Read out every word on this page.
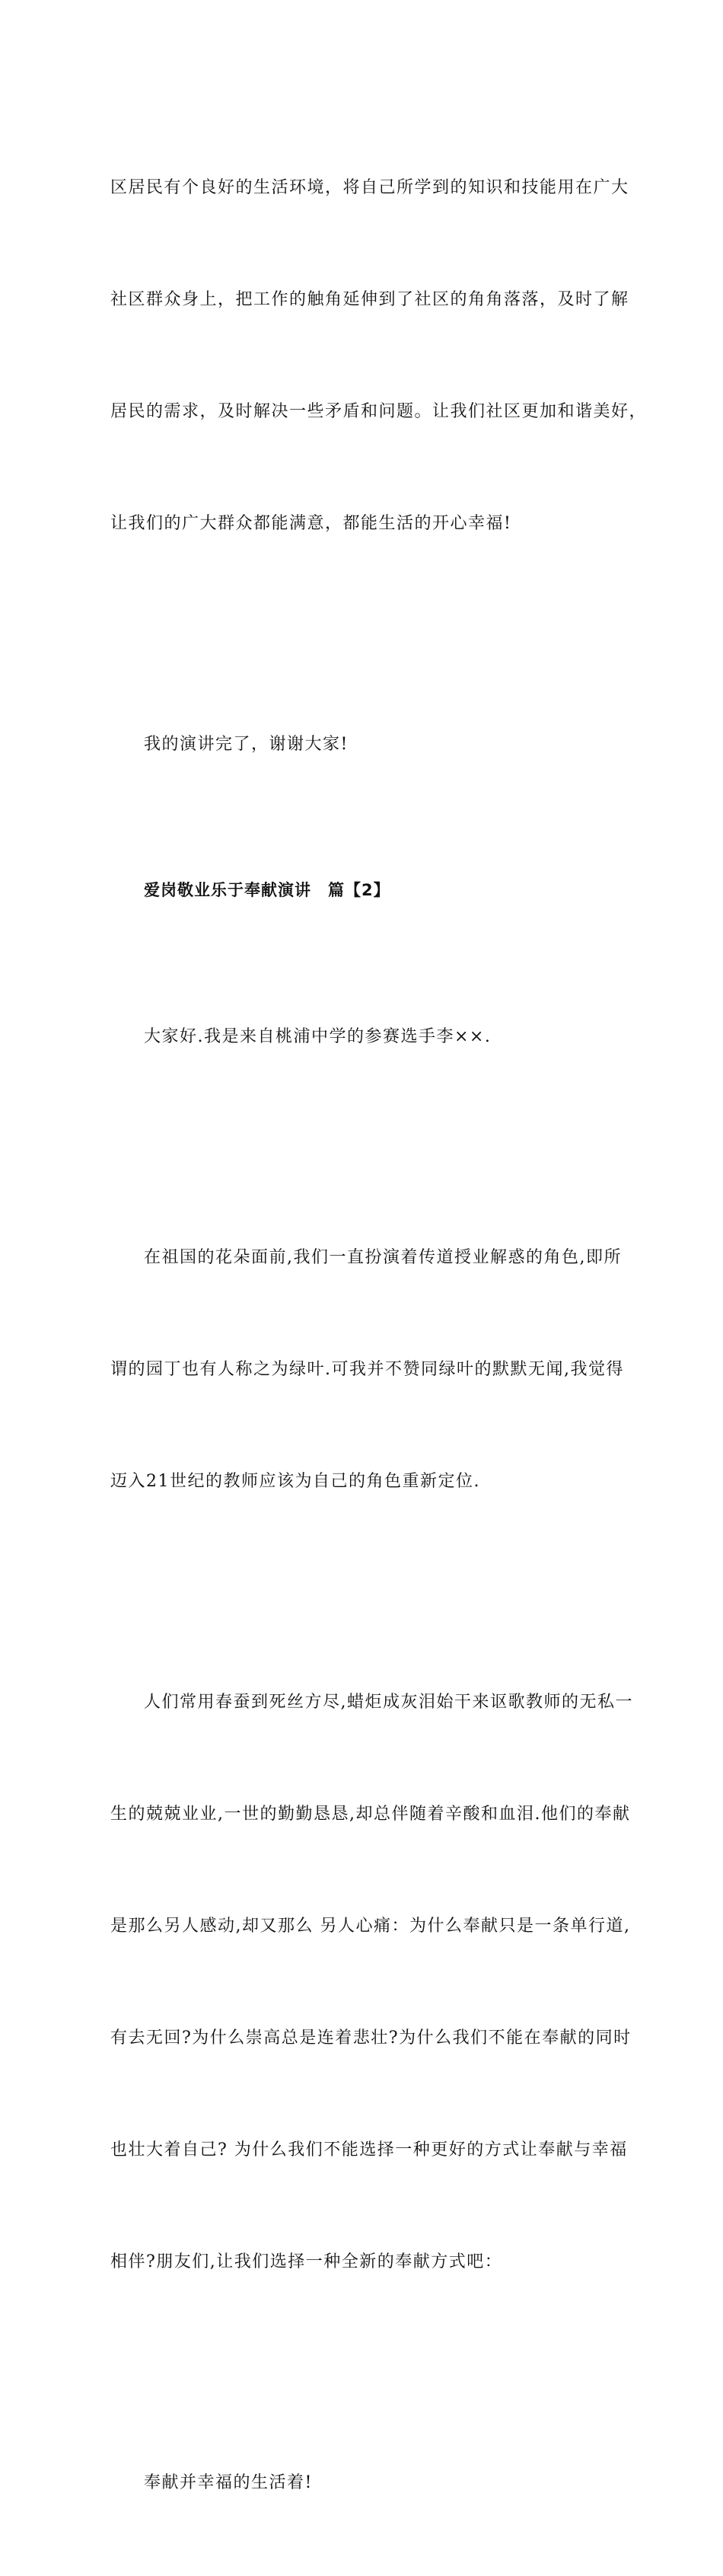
区居民有个良好的生活环境，将自己所学到的知识和技能用在广大

社区群众身上，把工作的触角延伸到了社区的角角落落，及时了解

居民的需求，及时解决一些矛盾和问题。让我们社区更加和谐美好，

让我们的广大群众都能满意，都能生活的开心幸福!

我的演讲完了，谢谢大家!

爱岗敬业乐于奉献演讲　篇【2】

大家好.我是来自桃浦中学的参赛选手李××.

在祖国的花朵面前,我们一直扮演着传道授业解惑的角色,即所

谓的园丁也有人称之为绿叶.可我并不赞同绿叶的默默无闻,我觉得

迈入21世纪的教师应该为自己的角色重新定位.

人们常用春蚕到死丝方尽,蜡炬成灰泪始干来讴歌教师的无私一

生的兢兢业业,一世的勤勤恳恳,却总伴随着辛酸和血泪.他们的奉献

是那么另人感动,却又那么 另人心痛：为什么奉献只是一条单行道,

有去无回?为什么崇高总是连着悲壮?为什么我们不能在奉献的同时

也壮大着自己? 为什么我们不能选择一种更好的方式让奉献与幸福

相伴?朋友们,让我们选择一种全新的奉献方式吧：

奉献并幸福的生活着!
